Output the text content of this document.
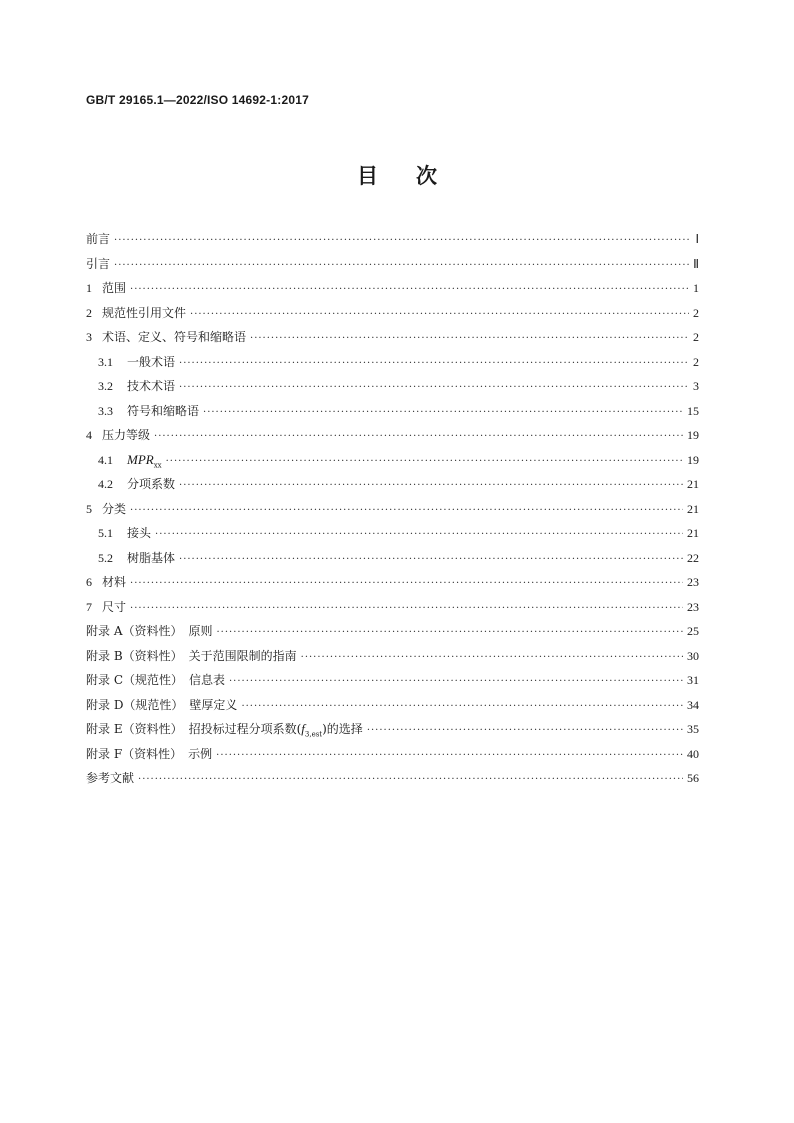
GB/T 29165.1—2022/ISO 14692-1:2017
目 次
前言 ·····	Ⅰ
引言 ·····	Ⅱ
1 范围 ·····	1
2 规范性引用文件 ·····	2
3 术语、定义、符号和缩略语 ·····	2
3.1 一般术语 ·····	2
3.2 技术术语 ·····	3
3.3 符号和缩略语 ·····	15
4 压力等级 ·····	19
4.1 $MPR_{xx}$ ·····	19
4.2 分项系数 ·····	21
5 分类 ·····	21
5.1 接头 ·····	21
5.2 树脂基体 ·····	22
6 材料 ·····	23
7 尺寸 ·····	23
附录 A（资料性）　原则 ·····	25
附录 B（资料性）　关于范围限制的指南 ·····	30
附录 C（规范性）　信息表 ·····	31
附录 D（规范性）　壁厚定义 ·····	34
附录 E（资料性）　招投标过程分项系数$(f_{3,est})$的选择 ·····	35
附录 F（资料性）　示例 ·····	40
参考文献 ·····	56
